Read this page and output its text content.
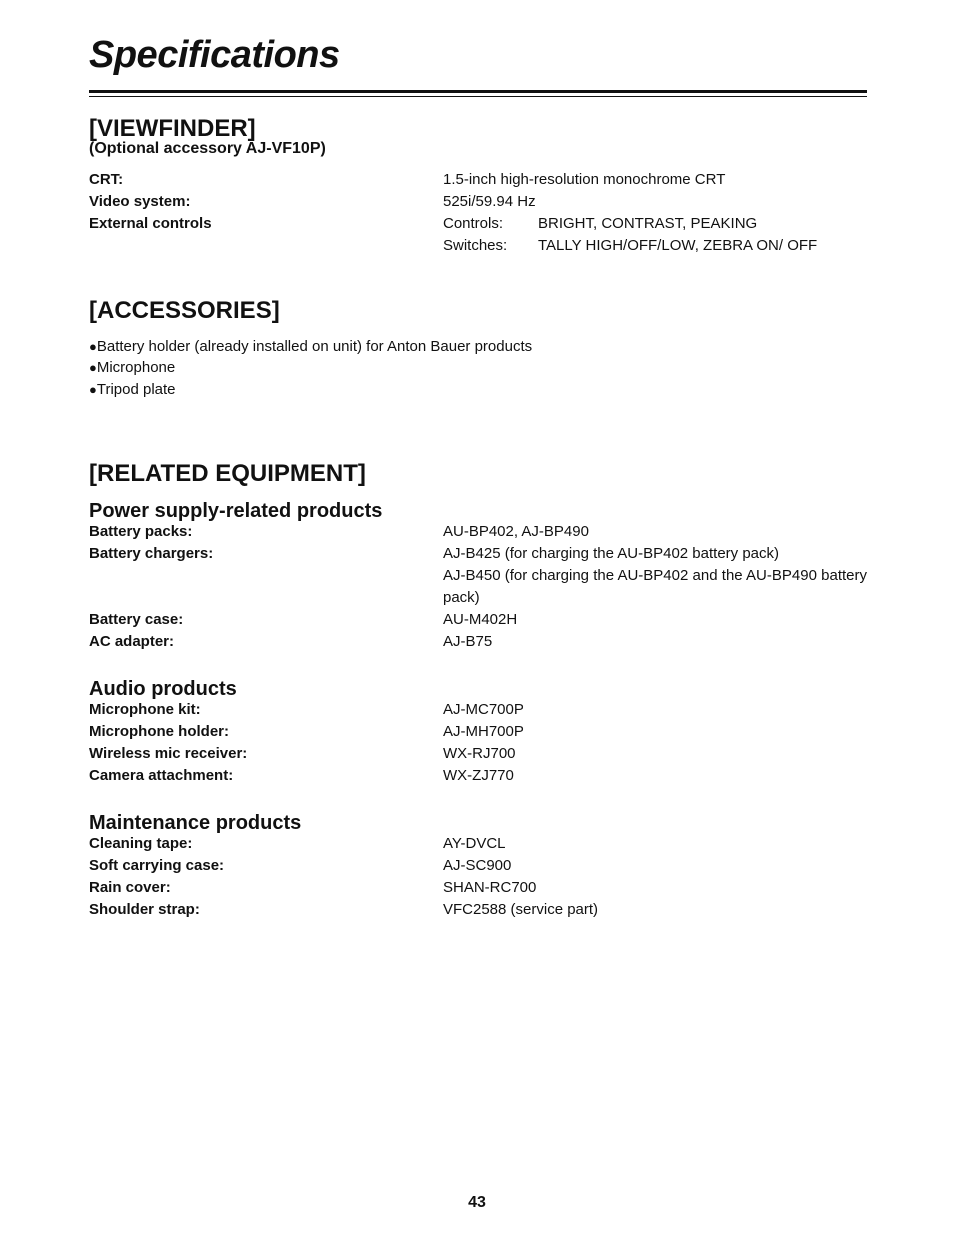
Specifications
[VIEWFINDER]
(Optional accessory AJ-VF10P)
CRT:	1.5-inch high-resolution monochrome CRT
Video system:	525i/59.94 Hz
External controls	Controls: BRIGHT, CONTRAST, PEAKING
Switches: TALLY HIGH/OFF/LOW, ZEBRA ON/ OFF
[ACCESSORIES]
●Battery holder (already installed on unit) for Anton Bauer products
●Microphone
●Tripod plate
[RELATED EQUIPMENT]
Power supply-related products
Battery packs:	AU-BP402, AJ-BP490
Battery chargers:	AJ-B425 (for charging the AU-BP402 battery pack)
AJ-B450 (for charging the AU-BP402 and the AU-BP490 battery pack)
Battery case:	AU-M402H
AC adapter:	AJ-B75
Audio products
Microphone kit:	AJ-MC700P
Microphone holder:	AJ-MH700P
Wireless mic receiver:	WX-RJ700
Camera attachment:	WX-ZJ770
Maintenance products
Cleaning tape:	AY-DVCL
Soft carrying case:	AJ-SC900
Rain cover:	SHAN-RC700
Shoulder strap:	VFC2588 (service part)
43
